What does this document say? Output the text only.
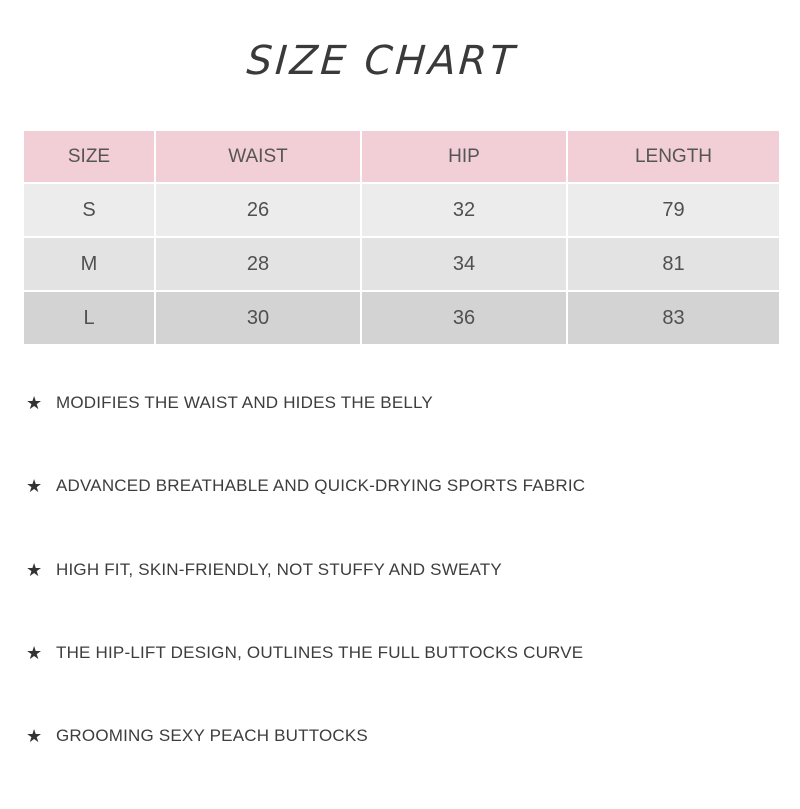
SIZE CHART
SIZE	WAIST	HIP	LENGTH
S	26	32	79
M	28	34	81
L	30	36	83
★ MODIFIES THE WAIST AND HIDES THE BELLY
★ ADVANCED BREATHABLE AND QUICK-DRYING SPORTS FABRIC
★ HIGH FIT, SKIN-FRIENDLY, NOT STUFFY AND SWEATY
★ THE HIP-LIFT DESIGN, OUTLINES THE FULL BUTTOCKS CURVE
★ GROOMING SEXY PEACH BUTTOCKS
